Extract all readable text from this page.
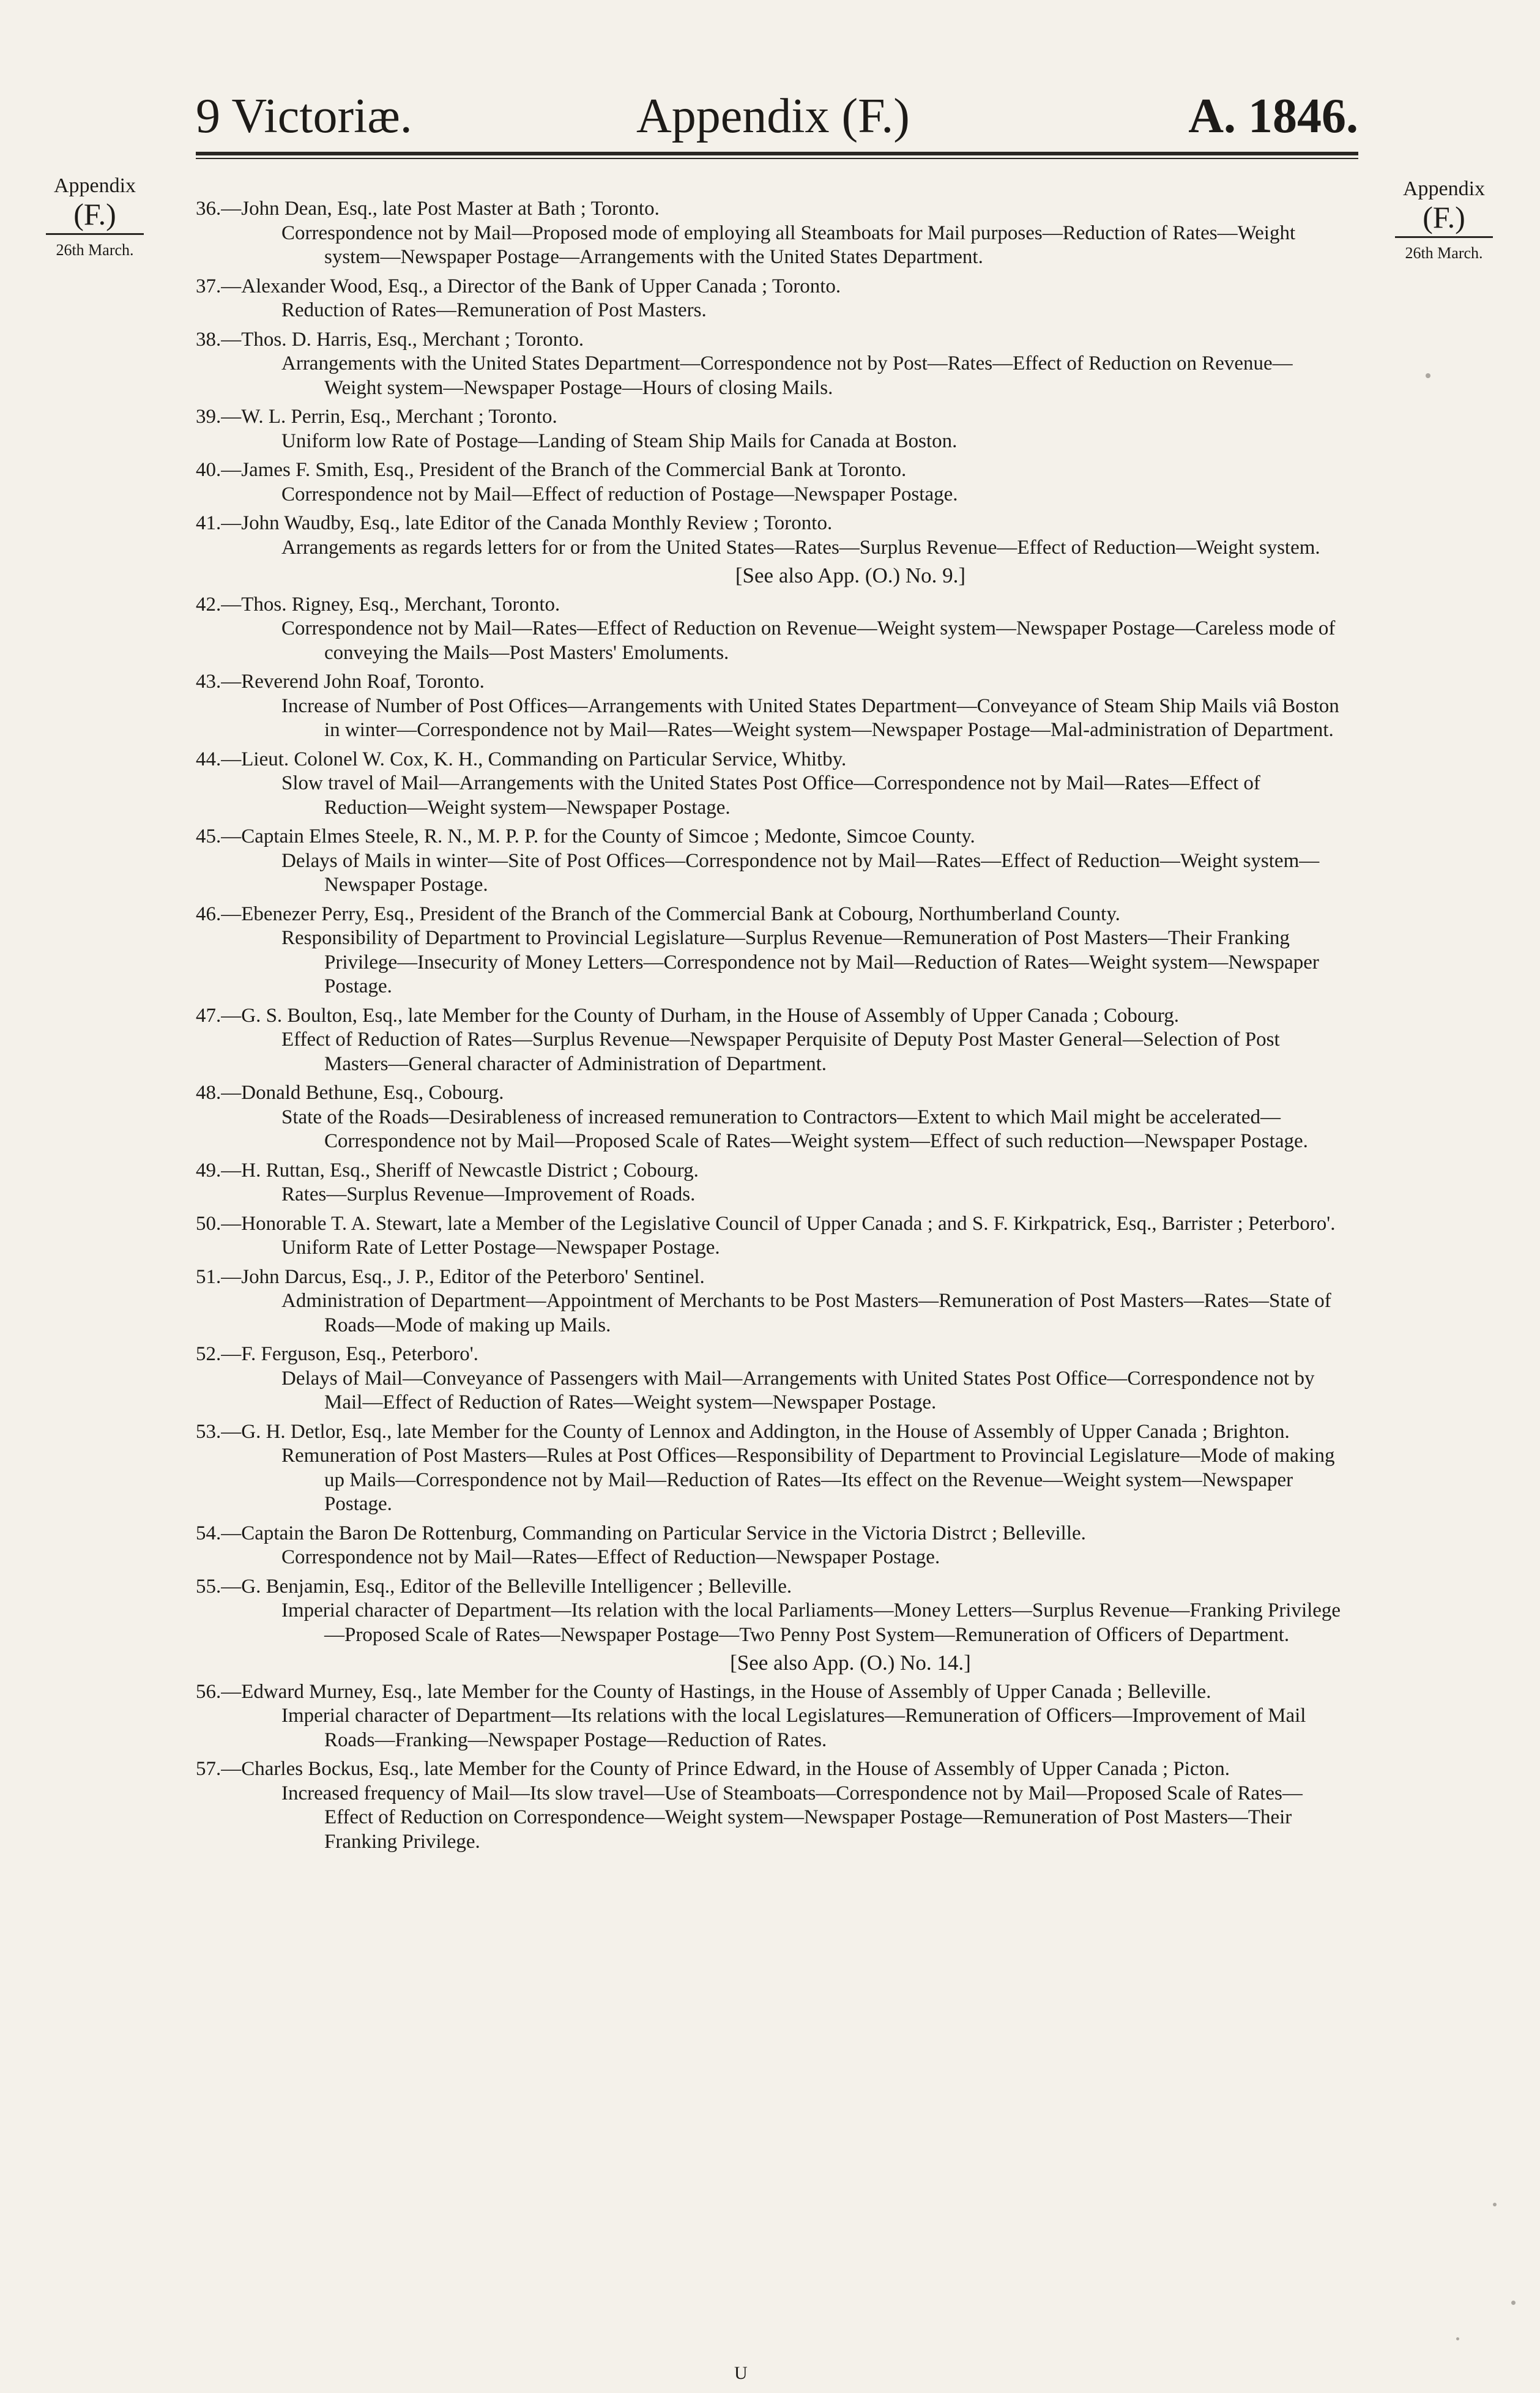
9 Victoriæ.	Appendix (F.)	A. 1846.
Appendix
(F.)
26th March.
Appendix
(F.)
26th March.
36.—John Dean, Esq., late Post Master at Bath ; Toronto.
Correspondence not by Mail—Proposed mode of employing all Steamboats for Mail purposes—Reduction of Rates—Weight system—Newspaper Postage—Arrangements with the United States Department.
37.—Alexander Wood, Esq., a Director of the Bank of Upper Canada ; Toronto.
Reduction of Rates—Remuneration of Post Masters.
38.—Thos. D. Harris, Esq., Merchant ; Toronto.
Arrangements with the United States Department—Correspondence not by Post—Rates—Effect of Reduction on Revenue—Weight system—Newspaper Postage—Hours of closing Mails.
39.—W. L. Perrin, Esq., Merchant ; Toronto.
Uniform low Rate of Postage—Landing of Steam Ship Mails for Canada at Boston.
40.—James F. Smith, Esq., President of the Branch of the Commercial Bank at Toronto.
Correspondence not by Mail—Effect of reduction of Postage—Newspaper Postage.
41.—John Waudby, Esq., late Editor of the Canada Monthly Review ; Toronto.
Arrangements as regards letters for or from the United States—Rates—Surplus Revenue—Effect of Reduction—Weight system.
[See also App. (O.) No. 9.]
42.—Thos. Rigney, Esq., Merchant, Toronto.
Correspondence not by Mail—Rates—Effect of Reduction on Revenue—Weight system—Newspaper Postage—Careless mode of conveying the Mails—Post Masters' Emoluments.
43.—Reverend John Roaf, Toronto.
Increase of Number of Post Offices—Arrangements with United States Department—Conveyance of Steam Ship Mails viâ Boston in winter—Correspondence not by Mail—Rates—Weight system—Newspaper Postage—Mal-administration of Department.
44.—Lieut. Colonel W. Cox, K. H., Commanding on Particular Service, Whitby.
Slow travel of Mail—Arrangements with the United States Post Office—Correspondence not by Mail—Rates—Effect of Reduction—Weight system—Newspaper Postage.
45.—Captain Elmes Steele, R. N., M. P. P. for the County of Simcoe ; Medonte, Simcoe County.
Delays of Mails in winter—Site of Post Offices—Correspondence not by Mail—Rates—Effect of Reduction—Weight system—Newspaper Postage.
46.—Ebenezer Perry, Esq., President of the Branch of the Commercial Bank at Cobourg, Northumberland County.
Responsibility of Department to Provincial Legislature—Surplus Revenue—Remuneration of Post Masters—Their Franking Privilege—Insecurity of Money Letters—Correspondence not by Mail—Reduction of Rates—Weight system—Newspaper Postage.
47.—G. S. Boulton, Esq., late Member for the County of Durham, in the House of Assembly of Upper Canada ; Cobourg.
Effect of Reduction of Rates—Surplus Revenue—Newspaper Perquisite of Deputy Post Master General—Selection of Post Masters—General character of Administration of Department.
48.—Donald Bethune, Esq., Cobourg.
State of the Roads—Desirableness of increased remuneration to Contractors—Extent to which Mail might be accelerated—Correspondence not by Mail—Proposed Scale of Rates—Weight system—Effect of such reduction—Newspaper Postage.
49.—H. Ruttan, Esq., Sheriff of Newcastle District ; Cobourg.
Rates—Surplus Revenue—Improvement of Roads.
50.—Honorable T. A. Stewart, late a Member of the Legislative Council of Upper Canada ; and S. F. Kirkpatrick, Esq., Barrister ; Peterboro'.
Uniform Rate of Letter Postage—Newspaper Postage.
51.—John Darcus, Esq., J. P., Editor of the Peterboro' Sentinel.
Administration of Department—Appointment of Merchants to be Post Masters—Remuneration of Post Masters—Rates—State of Roads—Mode of making up Mails.
52.—F. Ferguson, Esq., Peterboro'.
Delays of Mail—Conveyance of Passengers with Mail—Arrangements with United States Post Office—Correspondence not by Mail—Effect of Reduction of Rates—Weight system—Newspaper Postage.
53.—G. H. Detlor, Esq., late Member for the County of Lennox and Addington, in the House of Assembly of Upper Canada ; Brighton.
Remuneration of Post Masters—Rules at Post Offices—Responsibility of Department to Provincial Legislature—Mode of making up Mails—Correspondence not by Mail—Reduction of Rates—Its effect on the Revenue—Weight system—Newspaper Postage.
54.—Captain the Baron De Rottenburg, Commanding on Particular Service in the Victoria Distrct ; Belleville.
Correspondence not by Mail—Rates—Effect of Reduction—Newspaper Postage.
55.—G. Benjamin, Esq., Editor of the Belleville Intelligencer ; Belleville.
Imperial character of Department—Its relation with the local Parliaments—Money Letters—Surplus Revenue—Franking Privilege—Proposed Scale of Rates—Newspaper Postage—Two Penny Post System—Remuneration of Officers of Department.
[See also App. (O.) No. 14.]
56.—Edward Murney, Esq., late Member for the County of Hastings, in the House of Assembly of Upper Canada ; Belleville.
Imperial character of Department—Its relations with the local Legislatures—Remuneration of Officers—Improvement of Mail Roads—Franking—Newspaper Postage—Reduction of Rates.
57.—Charles Bockus, Esq., late Member for the County of Prince Edward, in the House of Assembly of Upper Canada ; Picton.
Increased frequency of Mail—Its slow travel—Use of Steamboats—Correspondence not by Mail—Proposed Scale of Rates—Effect of Reduction on Correspondence—Weight system—Newspaper Postage—Remuneration of Post Masters—Their Franking Privilege.
U
